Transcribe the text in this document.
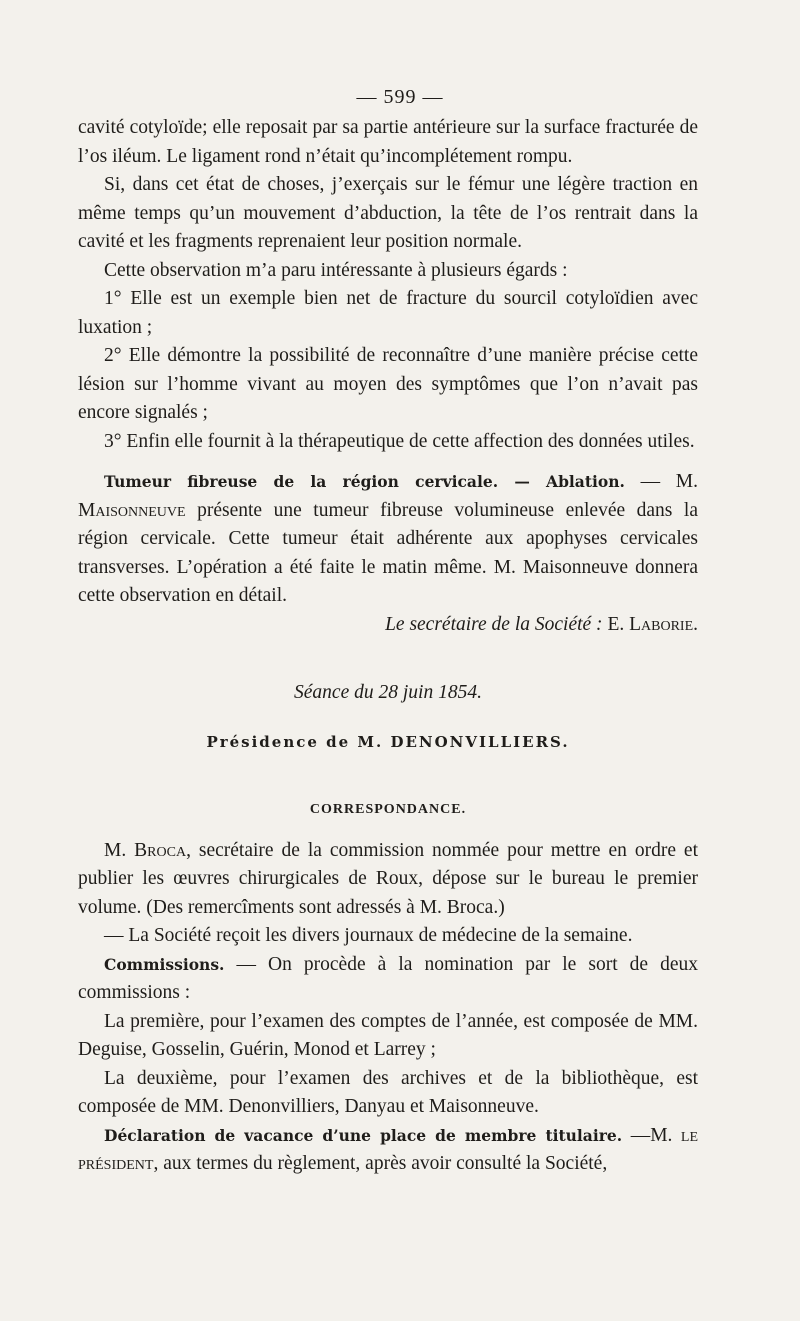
— 599 —

cavité cotyloïde; elle reposait par sa partie antérieure sur la surface fracturée de l’os iléum. Le ligament rond n’était qu’incomplétement rompu.

Si, dans cet état de choses, j’exerçais sur le fémur une légère traction en même temps qu’un mouvement d’abduction, la tête de l’os rentrait dans la cavité et les fragments reprenaient leur position normale.

Cette observation m’a paru intéressante à plusieurs égards :

1° Elle est un exemple bien net de fracture du sourcil cotyloïdien avec luxation ;

2° Elle démontre la possibilité de reconnaître d’une manière précise cette lésion sur l’homme vivant au moyen des symptômes que l’on n’avait pas encore signalés ;

3° Enfin elle fournit à la thérapeutique de cette affection des données utiles.

Tumeur fibreuse de la région cervicale. — Ablation. — M. Maisonneuve présente une tumeur fibreuse volumineuse enlevée dans la région cervicale. Cette tumeur était adhérente aux apophyses cervicales transverses. L’opération a été faite le matin même. M. Maisonneuve donnera cette observation en détail.

Le secrétaire de la Société : E. Laborie.

Séance du 28 juin 1854.

Présidence de M. DENONVILLIERS.

CORRESPONDANCE.

M. Broca, secrétaire de la commission nommée pour mettre en ordre et publier les œuvres chirurgicales de Roux, dépose sur le bureau le premier volume. (Des remercîments sont adressés à M. Broca.)

— La Société reçoit les divers journaux de médecine de la semaine.

Commissions. — On procède à la nomination par le sort de deux commissions :

La première, pour l’examen des comptes de l’année, est composée de MM. Deguise, Gosselin, Guérin, Monod et Larrey ;

La deuxième, pour l’examen des archives et de la bibliothèque, est composée de MM. Denonvilliers, Danyau et Maisonneuve.

Déclaration de vacance d’une place de membre titulaire. —M. le président, aux termes du règlement, après avoir consulté la Société,
